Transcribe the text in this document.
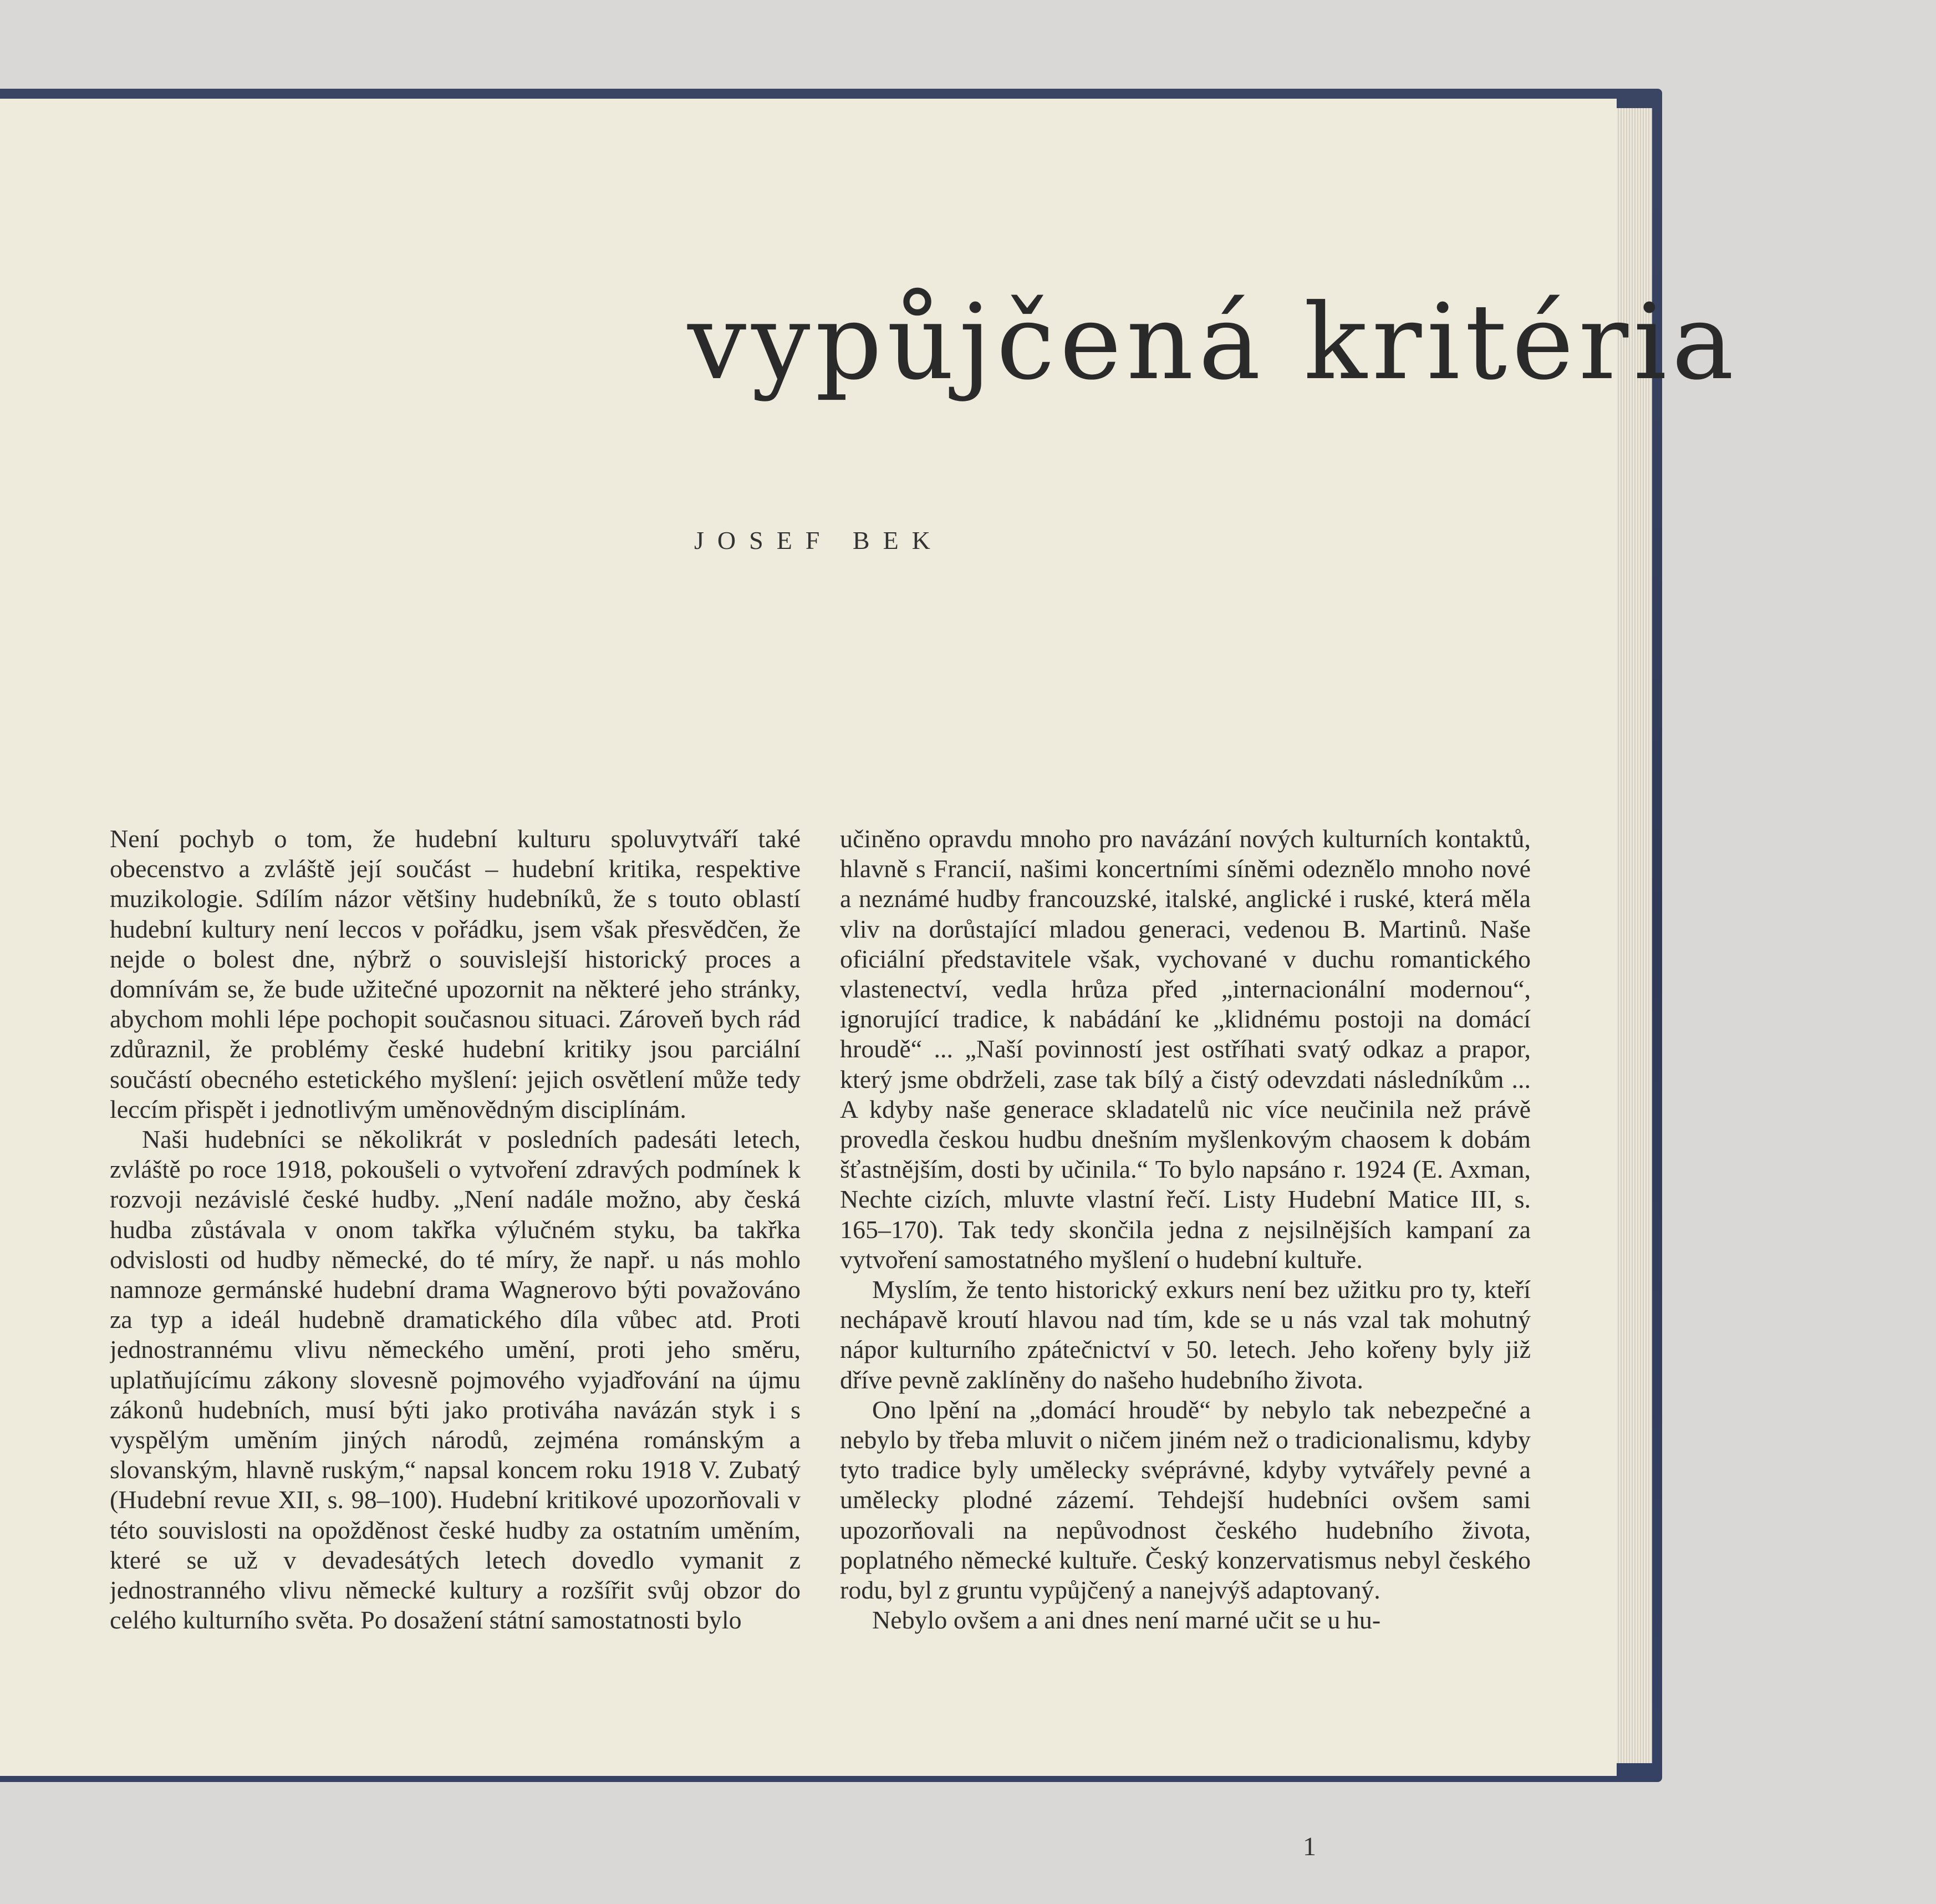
vypůjčená kritéria
JOSEF BEK

Není pochyb o tom, že hudební kulturu spoluvytváří také obecenstvo a zvláště její součást – hudební kritika, respektive muzikologie. Sdílím názor většiny hudebníků, že s touto oblastí hudební kultury není leccos v pořádku, jsem však přesvědčen, že nejde o bolest dne, nýbrž o souvislejší historický proces a domnívám se, že bude užitečné upozornit na některé jeho stránky, abychom mohli lépe pochopit současnou situaci. Zároveň bych rád zdůraznil, že problémy české hudební kritiky jsou parciální součástí obecného estetického myšlení: jejich osvětlení může tedy leccím přispět i jednotlivým uměnovědným disciplínám.

Naši hudebníci se několikrát v posledních padesáti letech, zvláště po roce 1918, pokoušeli o vytvoření zdravých podmínek k rozvoji nezávislé české hudby. „Není nadále možno, aby česká hudba zůstávala v onom takřka výlučném styku, ba takřka odvislosti od hudby německé, do té míry, že např. u nás mohlo namnoze germánské hudební drama Wagnerovo býti považováno za typ a ideál hudebně dramatického díla vůbec atd. Proti jednostrannému vlivu německého umění, proti jeho směru, uplatňujícímu zákony slovesně pojmového vyjadřování na újmu zákonů hudebních, musí býti jako protiváha navázán styk i s vyspělým uměním jiných národů, zejména románským a slovanským, hlavně ruským,“ napsal koncem roku 1918 V. Zubatý (Hudební revue XII, s. 98–100). Hudební kritikové upozorňovali v této souvislosti na opožděnost české hudby za ostatním uměním, které se už v devadesátých letech dovedlo vymanit z jednostranného vlivu německé kultury a rozšířit svůj obzor do celého kulturního světa. Po dosažení státní samostatnosti bylo

učiněno opravdu mnoho pro navázání nových kulturních kontaktů, hlavně s Francií, našimi koncertními síněmi odeznělo mnoho nové a neznámé hudby francouzské, italské, anglické i ruské, která měla vliv na dorůstající mladou generaci, vedenou B. Martinů. Naše oficiální představitele však, vychované v duchu romantického vlastenectví, vedla hrůza před „internacionální modernou“, ignorující tradice, k nabádání ke „klidnému postoji na domácí hroudě“ ... „Naší povinností jest ostříhati svatý odkaz a prapor, který jsme obdrželi, zase tak bílý a čistý odevzdati následníkům ... A kdyby naše generace skladatelů nic více neučinila než právě provedla českou hudbu dnešním myšlenkovým chaosem k dobám šťastnějším, dosti by učinila.“ To bylo napsáno r. 1924 (E. Axman, Nechte cizích, mluvte vlastní řečí. Listy Hudební Matice III, s. 165–170). Tak tedy skončila jedna z nejsilnějších kampaní za vytvoření samostatného myšlení o hudební kultuře.

Myslím, že tento historický exkurs není bez užitku pro ty, kteří nechápavě kroutí hlavou nad tím, kde se u nás vzal tak mohutný nápor kulturního zpátečnictví v 50. letech. Jeho kořeny byly již dříve pevně zaklíněny do našeho hudebního života.

Ono lpění na „domácí hroudě“ by nebylo tak nebezpečné a nebylo by třeba mluvit o ničem jiném než o tradicionalismu, kdyby tyto tradice byly umělecky svéprávné, kdyby vytvářely pevné a umělecky plodné zázemí. Tehdejší hudebníci ovšem sami upozorňovali na nepůvodnost českého hudebního života, poplatného německé kultuře. Český konzervatismus nebyl českého rodu, byl z gruntu vypůjčený a nanejvýš adaptovaný.

Nebylo ovšem a ani dnes není marné učit se u hu-

1
